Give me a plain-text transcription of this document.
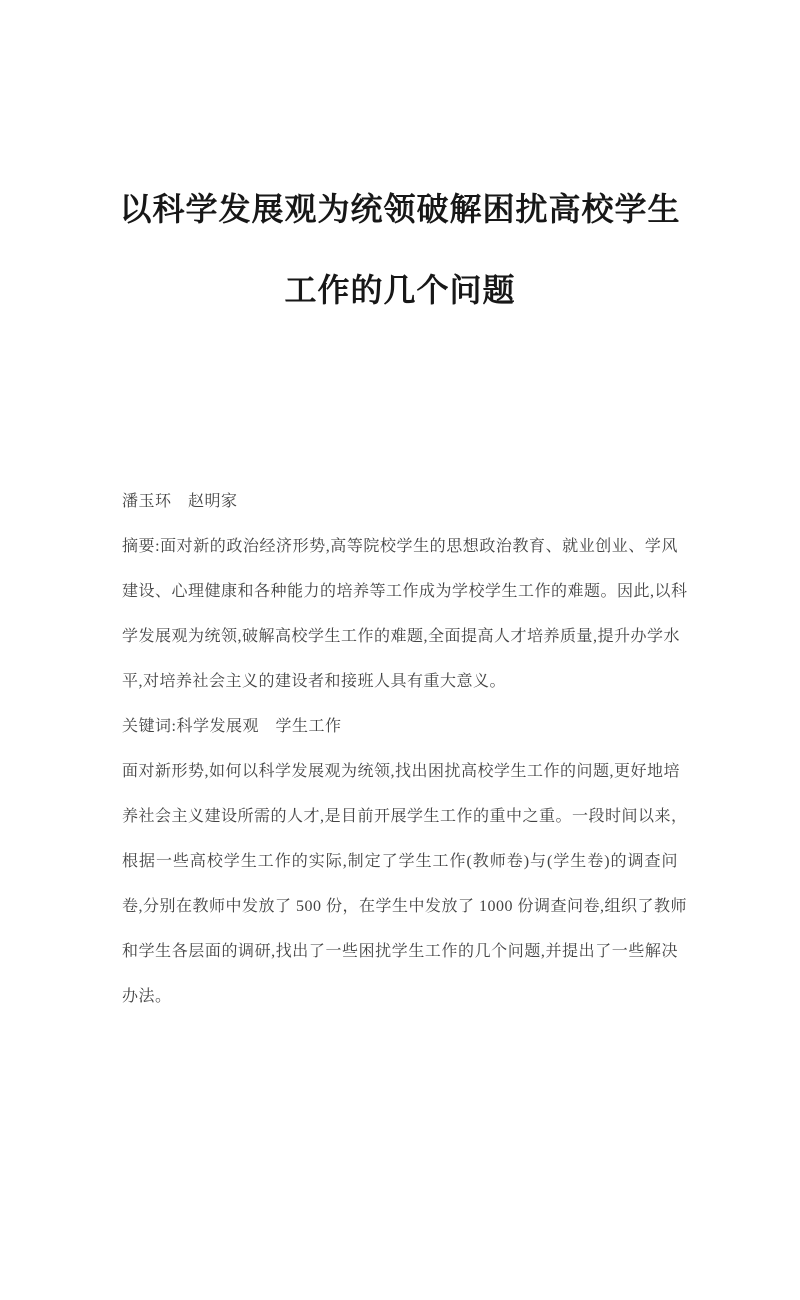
以科学发展观为统领破解困扰高校学生
工作的几个问题
潘玉环　赵明家
摘要:面对新的政治经济形势,高等院校学生的思想政治教育、就业创业、学风
建设、心理健康和各种能力的培养等工作成为学校学生工作的难题。因此,以科
学发展观为统领,破解高校学生工作的难题,全面提高人才培养质量,提升办学水
平,对培养社会主义的建设者和接班人具有重大意义。
关键词:科学发展观　学生工作
面对新形势,如何以科学发展观为统领,找出困扰高校学生工作的问题,更好地培
养社会主义建设所需的人才,是目前开展学生工作的重中之重。一段时间以来，
根据一些高校学生工作的实际,制定了学生工作(教师卷)与(学生卷)的调查问
卷,分别在教师中发放了 500 份，在学生中发放了 1000 份调查问卷,组织了教师
和学生各层面的调研,找出了一些困扰学生工作的几个问题,并提出了一些解决
办法。
